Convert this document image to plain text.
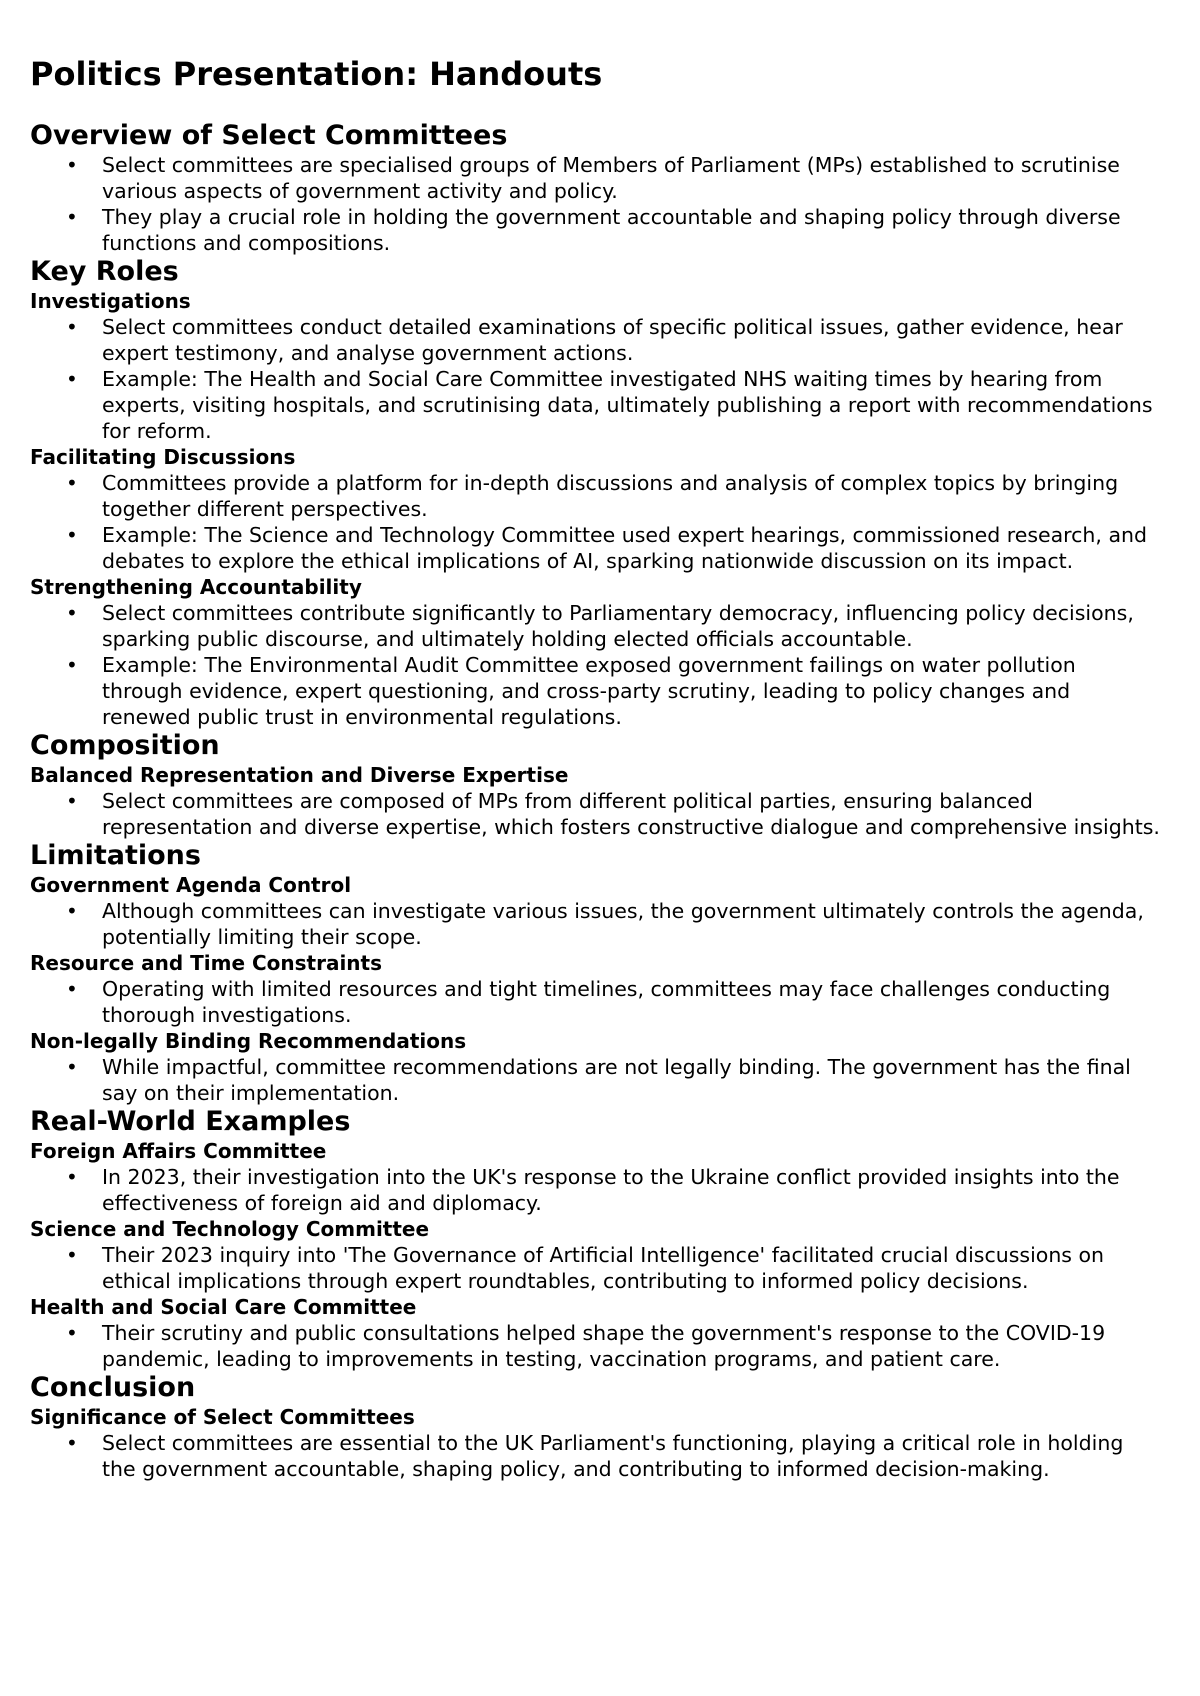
Politics Presentation: Handouts
Overview of Select Committees
• Select committees are specialised groups of Members of Parliament (MPs) established to scrutinise various aspects of government activity and policy.
• They play a crucial role in holding the government accountable and shaping policy through diverse functions and compositions.
Key Roles
Investigations
• Select committees conduct detailed examinations of specific political issues, gather evidence, hear expert testimony, and analyse government actions.
• Example: The Health and Social Care Committee investigated NHS waiting times by hearing from experts, visiting hospitals, and scrutinising data, ultimately publishing a report with recommendations for reform.
Facilitating Discussions
• Committees provide a platform for in-depth discussions and analysis of complex topics by bringing together different perspectives.
• Example: The Science and Technology Committee used expert hearings, commissioned research, and debates to explore the ethical implications of AI, sparking nationwide discussion on its impact.
Strengthening Accountability
• Select committees contribute significantly to Parliamentary democracy, influencing policy decisions, sparking public discourse, and ultimately holding elected officials accountable.
• Example: The Environmental Audit Committee exposed government failings on water pollution through evidence, expert questioning, and cross-party scrutiny, leading to policy changes and renewed public trust in environmental regulations.
Composition
Balanced Representation and Diverse Expertise
• Select committees are composed of MPs from different political parties, ensuring balanced representation and diverse expertise, which fosters constructive dialogue and comprehensive insights.
Limitations
Government Agenda Control
• Although committees can investigate various issues, the government ultimately controls the agenda, potentially limiting their scope.
Resource and Time Constraints
• Operating with limited resources and tight timelines, committees may face challenges conducting thorough investigations.
Non-legally Binding Recommendations
• While impactful, committee recommendations are not legally binding. The government has the final say on their implementation.
Real-World Examples
Foreign Affairs Committee
• In 2023, their investigation into the UK's response to the Ukraine conflict provided insights into the effectiveness of foreign aid and diplomacy.
Science and Technology Committee
• Their 2023 inquiry into 'The Governance of Artificial Intelligence' facilitated crucial discussions on ethical implications through expert roundtables, contributing to informed policy decisions.
Health and Social Care Committee
• Their scrutiny and public consultations helped shape the government's response to the COVID-19 pandemic, leading to improvements in testing, vaccination programs, and patient care.
Conclusion
Significance of Select Committees
• Select committees are essential to the UK Parliament's functioning, playing a critical role in holding the government accountable, shaping policy, and contributing to informed decision-making.
